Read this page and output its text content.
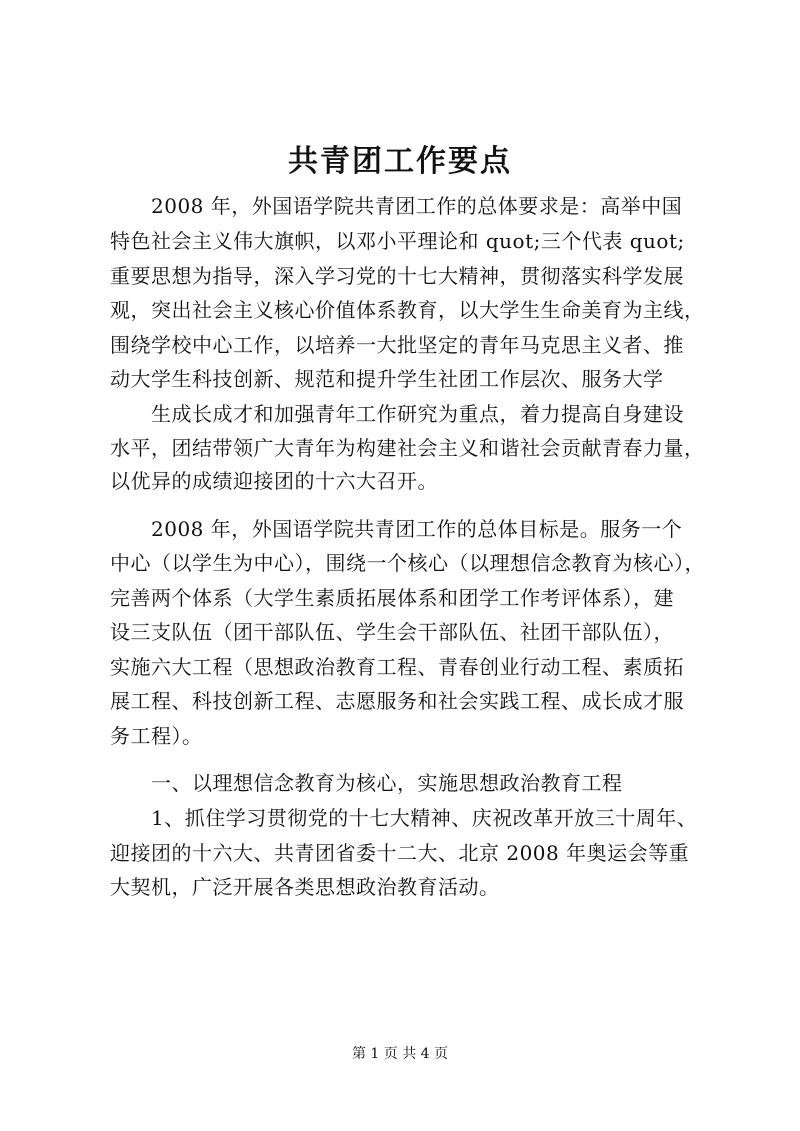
共青团工作要点
　　2008 年，外国语学院共青团工作的总体要求是：高举中国
特色社会主义伟大旗帜，以邓小平理论和 quot;三个代表 quot;
重要思想为指导，深入学习党的十七大精神，贯彻落实科学发展
观，突出社会主义核心价值体系教育，以大学生生命美育为主线，
围绕学校中心工作，以培养一大批坚定的青年马克思主义者、推
动大学生科技创新、规范和提升学生社团工作层次、服务大学
　　生成长成才和加强青年工作研究为重点，着力提高自身建设
水平，团结带领广大青年为构建社会主义和谐社会贡献青春力量，
以优异的成绩迎接团的十六大召开。
　　2008 年，外国语学院共青团工作的总体目标是。服务一个
中心（以学生为中心），围绕一个核心（以理想信念教育为核心），
完善两个体系（大学生素质拓展体系和团学工作考评体系），建
设三支队伍（团干部队伍、学生会干部队伍、社团干部队伍），
实施六大工程（思想政治教育工程、青春创业行动工程、素质拓
展工程、科技创新工程、志愿服务和社会实践工程、成长成才服
务工程）。
　　一、以理想信念教育为核心，实施思想政治教育工程
　　1、抓住学习贯彻党的十七大精神、庆祝改革开放三十周年、
迎接团的十六大、共青团省委十二大、北京 2008 年奥运会等重
大契机，广泛开展各类思想政治教育活动。
第 1 页 共 4 页
